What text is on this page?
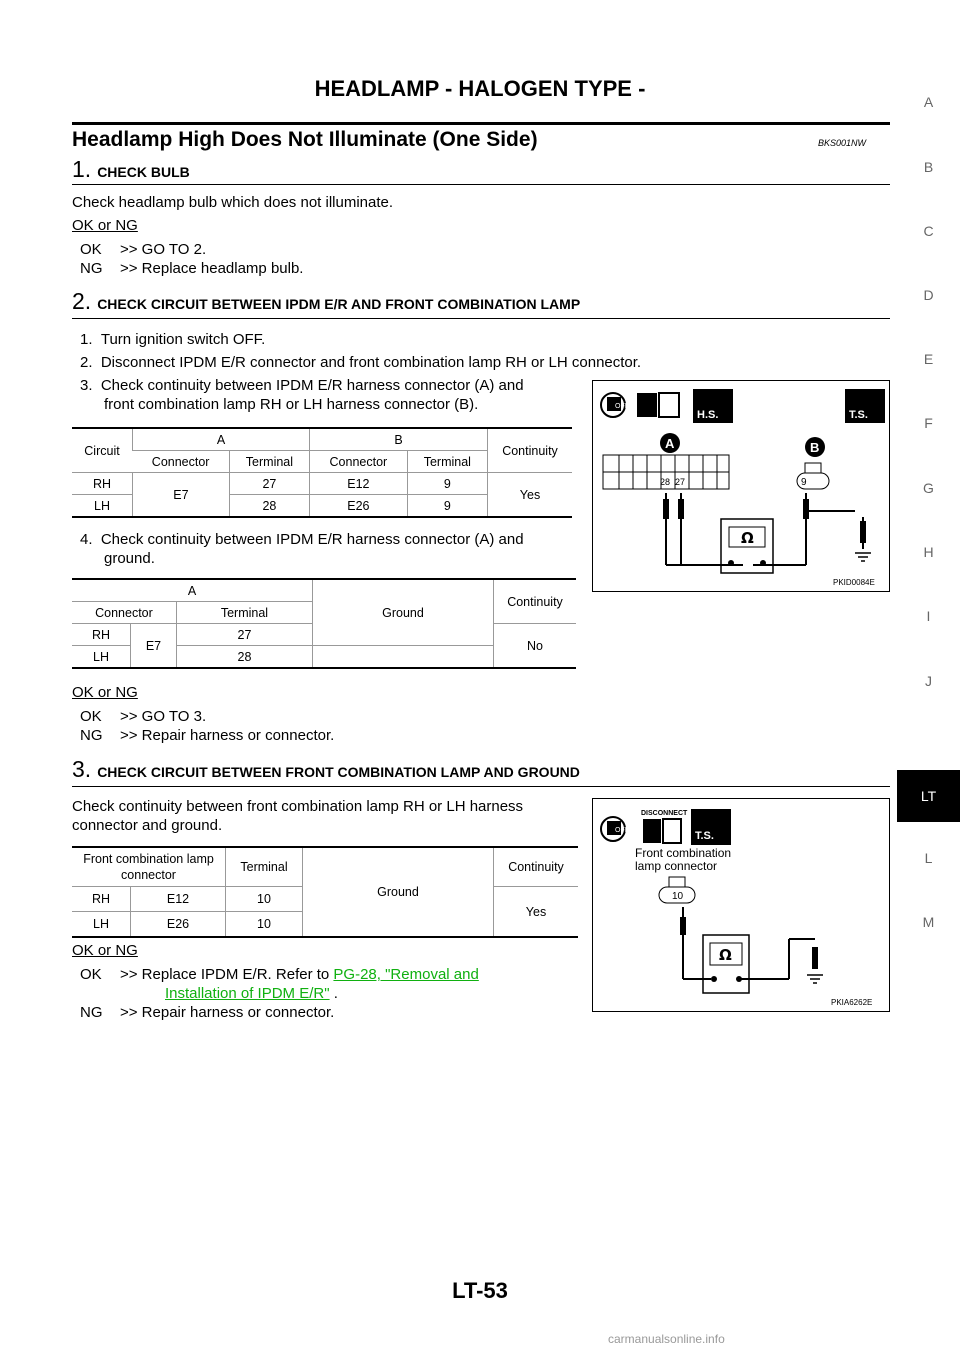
HEADLAMP - HALOGEN TYPE -
Headlamp High Does Not Illuminate (One Side)	BKS001NW
1. CHECK BULB
Check headlamp bulb which does not illuminate.
OK or NG
OK >> GO TO 2.
NG >> Replace headlamp bulb.
2. CHECK CIRCUIT BETWEEN IPDM E/R AND FRONT COMBINATION LAMP
1.  Turn ignition switch OFF.
2.  Disconnect IPDM E/R connector and front combination lamp RH or LH connector.
3.  Check continuity between IPDM E/R harness connector (A) and
front combination lamp RH or LH harness connector (B).
Circuit	A		B		Continuity
	Connector	Terminal	Connector	Terminal	
RH	E7	27	E12	9	Yes
LH		28	E26	9	
4.  Check continuity between IPDM E/R harness connector (A) and
ground.
A			Ground	Continuity
Connector		Terminal		
RH	E7	27		No
LH		28		
OK or NG
OK >> GO TO 3.
NG >> Repair harness or connector.
OFF
H.S.	T.S.
A	B
28 27	9
Ω
PKID0084E
3. CHECK CIRCUIT BETWEEN FRONT COMBINATION LAMP AND GROUND
Check continuity between front combination lamp RH or LH harness
connector and ground.
Front combination lamp
connector		Terminal	Ground	Continuity
RH	E12	10		Yes
LH	E26	10		
OK or NG
OK >> Replace IPDM E/R. Refer to PG-28, "Removal and
Installation of IPDM E/R" .
NG >> Repair harness or connector.
DISCONNECT
OFF	T.S.
Front combination
lamp connector
10
Ω
PKIA6262E
A
B
C
D
E
F
G
H
I
J
LT
L
M
LT-53
carmanualsonline.info
